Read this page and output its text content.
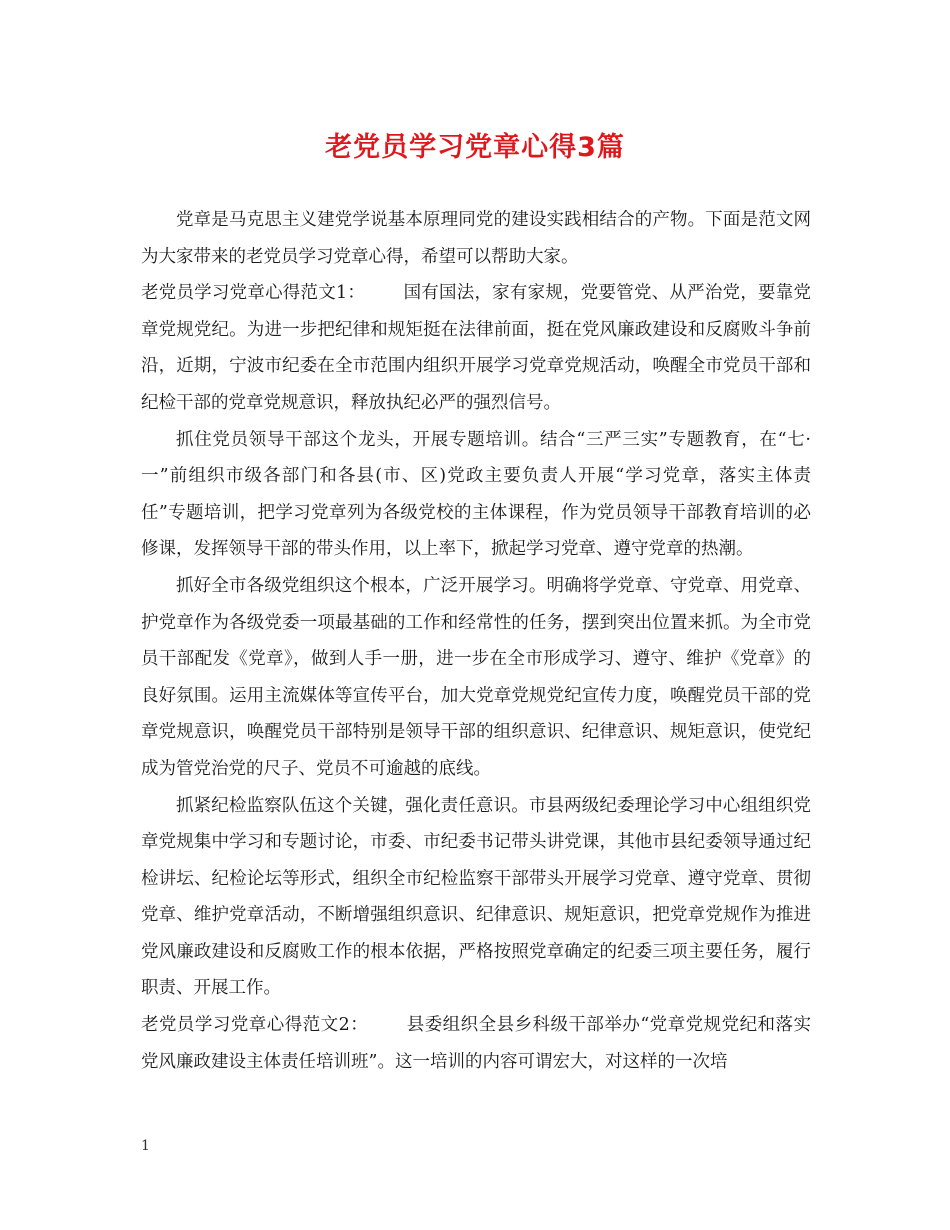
老党员学习党章心得3篇

党章是马克思主义建党学说基本原理同党的建设实践相结合的产物。下面是范文网为大家带来的老党员学习党章心得，希望可以帮助大家。

老党员学习党章心得范文1： 国有国法，家有家规，党要管党、从严治党，要靠党章党规党纪。为进一步把纪律和规矩挺在法律前面，挺在党风廉政建设和反腐败斗争前沿，近期，宁波市纪委在全市范围内组织开展学习党章党规活动，唤醒全市党员干部和纪检干部的党章党规意识，释放执纪必严的强烈信号。

抓住党员领导干部这个龙头，开展专题培训。结合“三严三实”专题教育，在“七·一”前组织市级各部门和各县(市、区)党政主要负责人开展“学习党章，落实主体责任”专题培训，把学习党章列为各级党校的主体课程，作为党员领导干部教育培训的必修课，发挥领导干部的带头作用，以上率下，掀起学习党章、遵守党章的热潮。

抓好全市各级党组织这个根本，广泛开展学习。明确将学党章、守党章、用党章、护党章作为各级党委一项最基础的工作和经常性的任务，摆到突出位置来抓。为全市党员干部配发《党章》，做到人手一册，进一步在全市形成学习、遵守、维护《党章》的良好氛围。运用主流媒体等宣传平台，加大党章党规党纪宣传力度，唤醒党员干部的党章党规意识，唤醒党员干部特别是领导干部的组织意识、纪律意识、规矩意识，使党纪成为管党治党的尺子、党员不可逾越的底线。

抓紧纪检监察队伍这个关键，强化责任意识。市县两级纪委理论学习中心组组织党章党规集中学习和专题讨论，市委、市纪委书记带头讲党课，其他市县纪委领导通过纪检讲坛、纪检论坛等形式，组织全市纪检监察干部带头开展学习党章、遵守党章、贯彻党章、维护党章活动，不断增强组织意识、纪律意识、规矩意识，把党章党规作为推进党风廉政建设和反腐败工作的根本依据，严格按照党章确定的纪委三项主要任务，履行职责、开展工作。

老党员学习党章心得范文2： 县委组织全县乡科级干部举办“党章党规党纪和落实党风廉政建设主体责任培训班”。这一培训的内容可谓宏大，对这样的一次培

1
